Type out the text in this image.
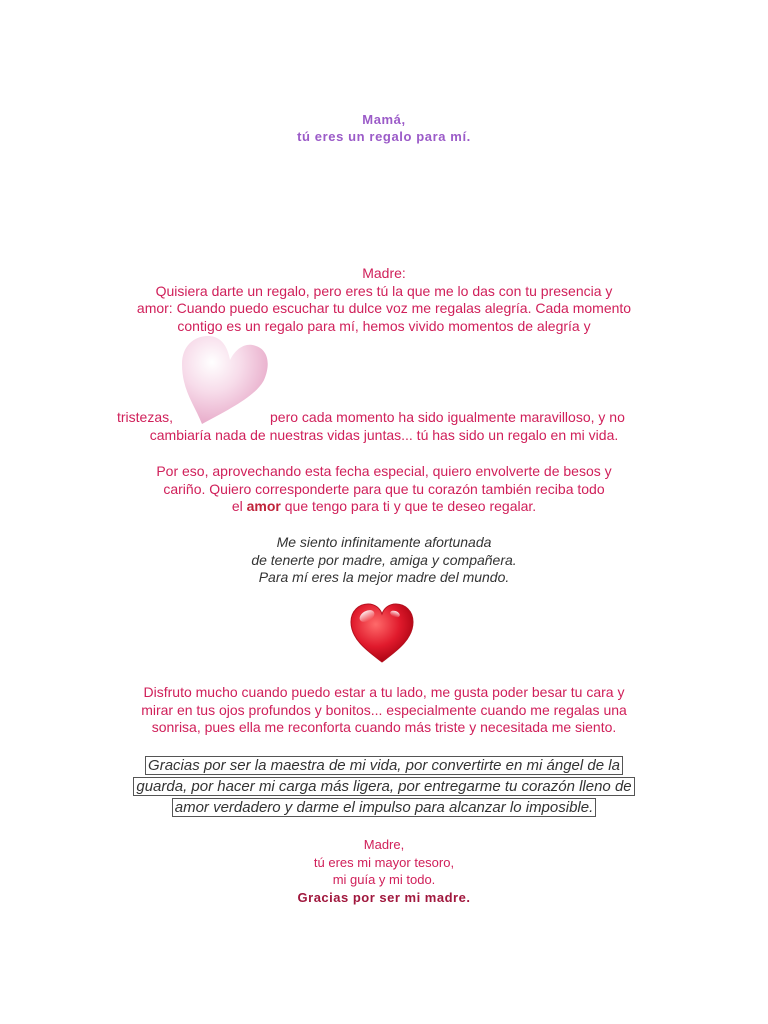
Mamá,
tú eres un regalo para mí.
Madre:
Quisiera darte un regalo, pero eres tú la que me lo das con tu presencia y
amor: Cuando puedo escuchar tu dulce voz me regalas alegría. Cada momento
contigo es un regalo para mí, hemos vivido momentos de alegría y
tristezas,	pero cada momento ha sido igualmente maravilloso, y no
cambiaría nada de nuestras vidas juntas... tú has sido un regalo en mi vida.
Por eso, aprovechando esta fecha especial, quiero envolverte de besos y
cariño. Quiero corresponderte para que tu corazón también reciba todo
el amor que tengo para ti y que te deseo regalar.
Me siento infinitamente afortunada
de tenerte por madre, amiga y compañera.
Para mí eres la mejor madre del mundo.
Disfruto mucho cuando puedo estar a tu lado, me gusta poder besar tu cara y
mirar en tus ojos profundos y bonitos... especialmente cuando me regalas una
sonrisa, pues ella me reconforta cuando más triste y necesitada me siento.
Gracias por ser la maestra de mi vida, por convertirte en mi ángel de la
guarda, por hacer mi carga más ligera, por entregarme tu corazón lleno de
amor verdadero y darme el impulso para alcanzar lo imposible.
Madre,
tú eres mi mayor tesoro,
mi guía y mi todo.
Gracias por ser mi madre.
